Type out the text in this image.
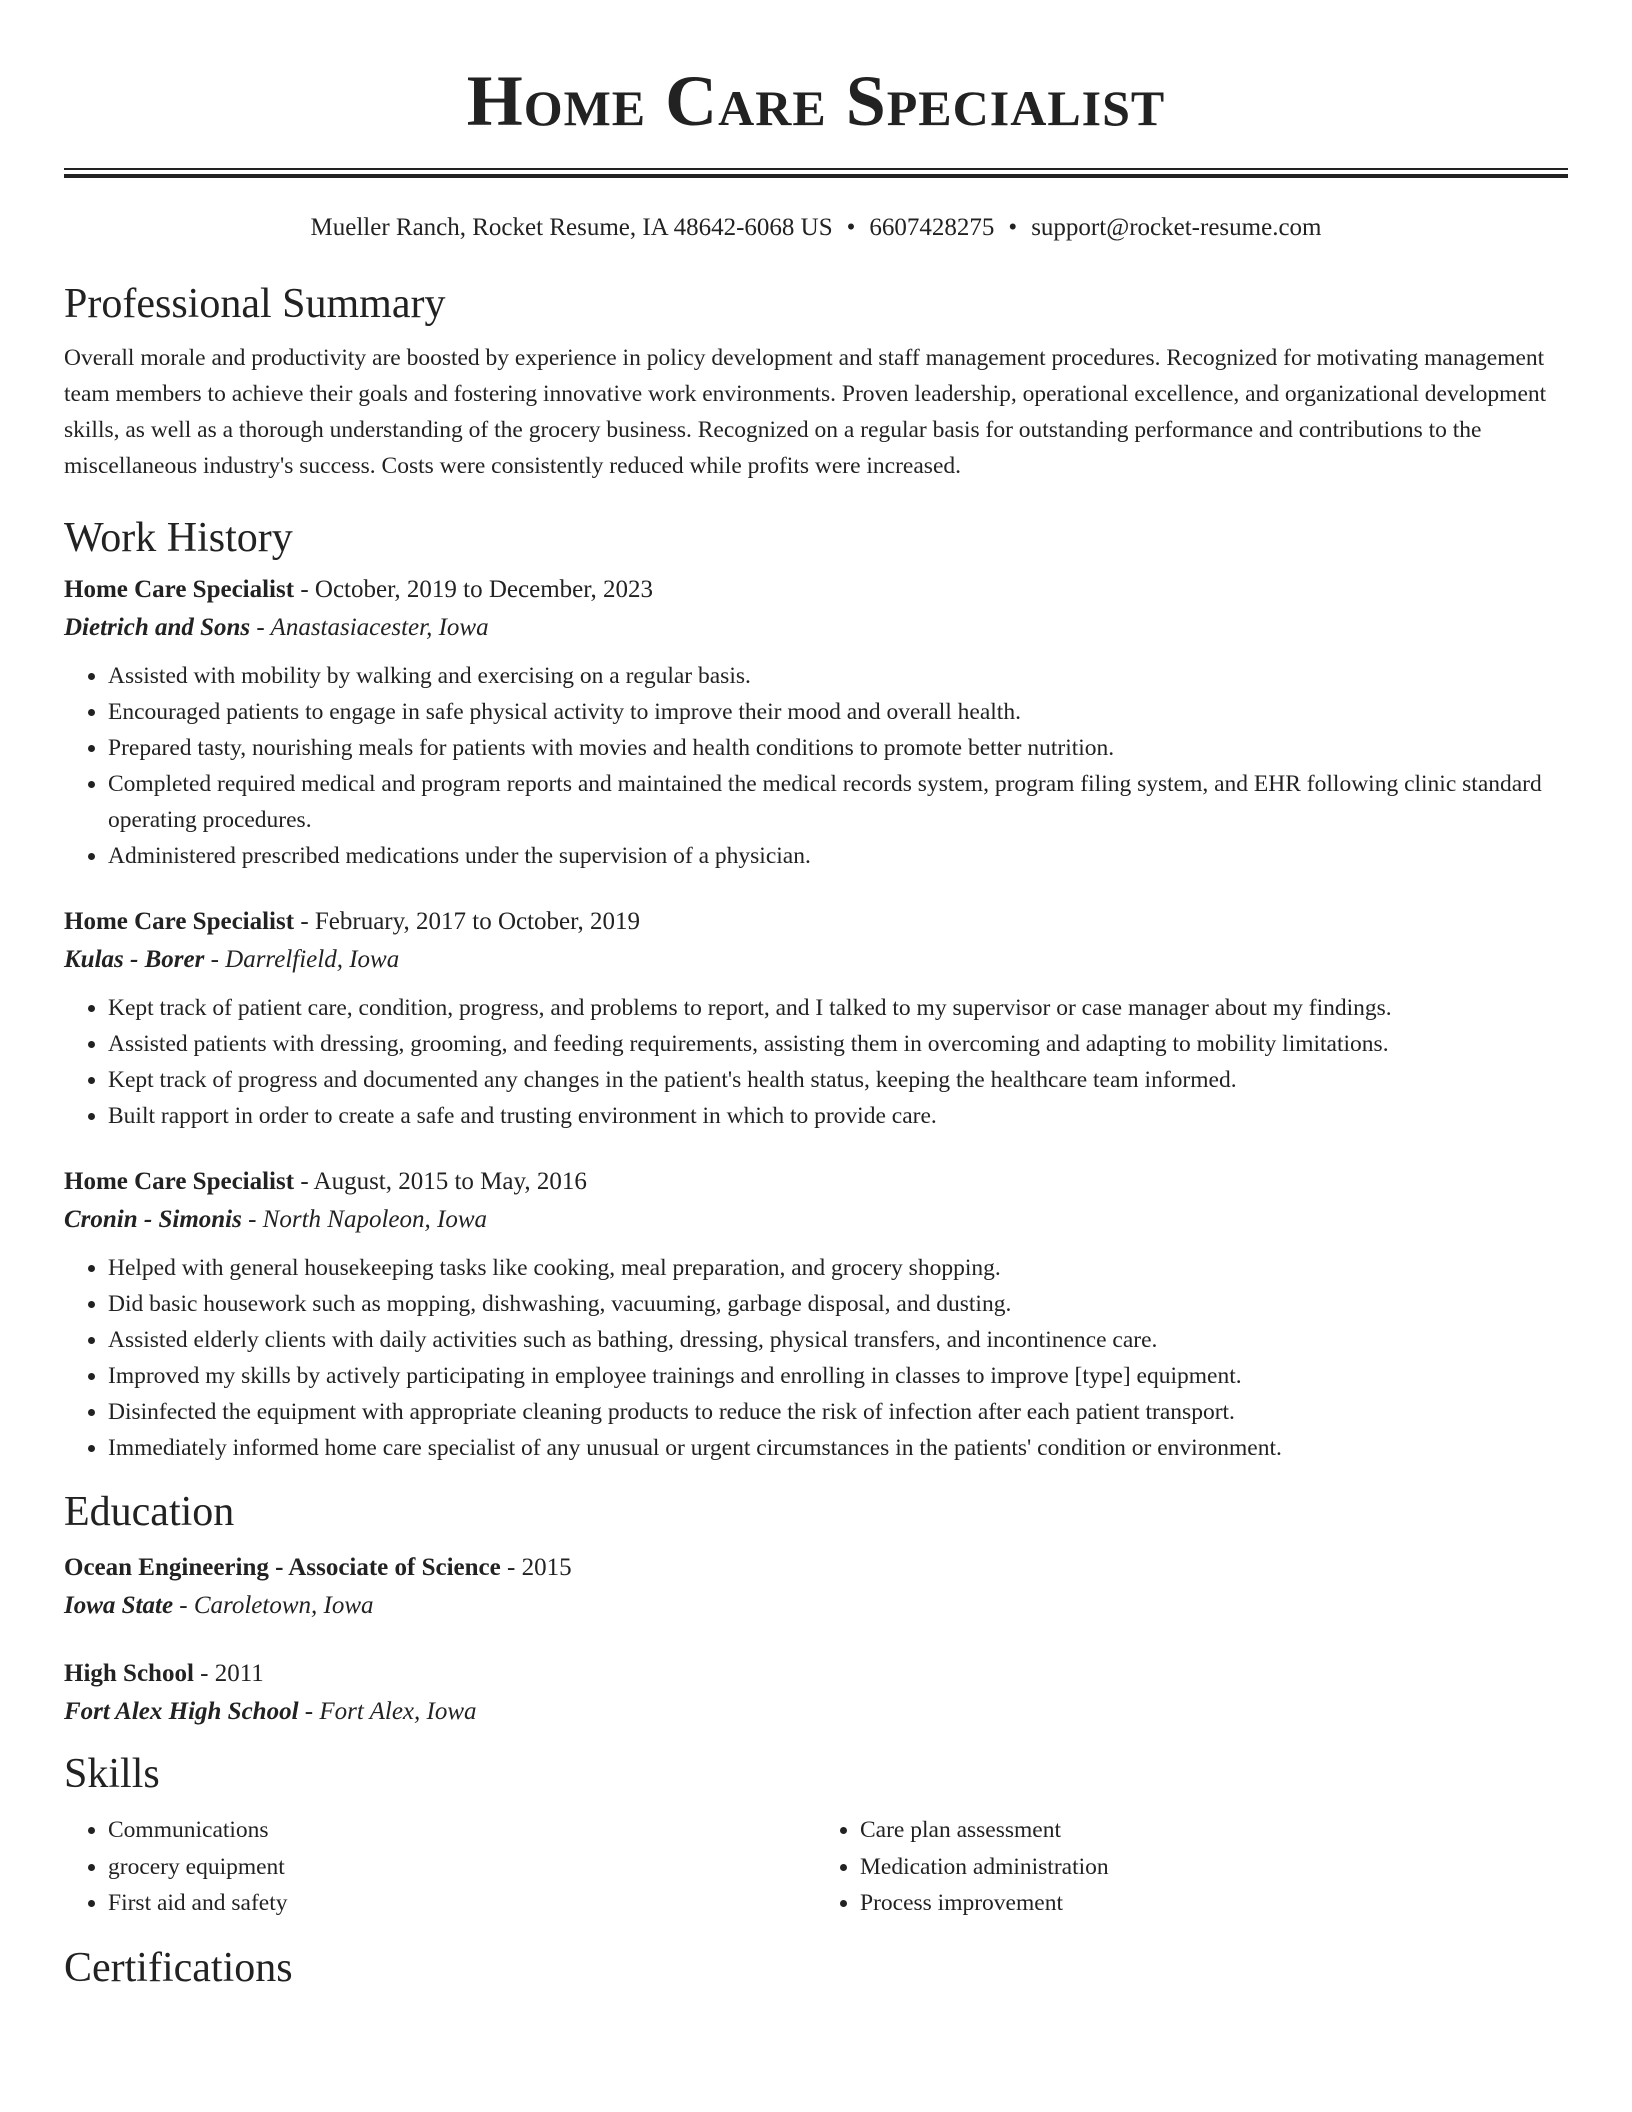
Home Care Specialist
Mueller Ranch, Rocket Resume, IA 48642-6068 US • 6607428275 • support@rocket-resume.com
Professional Summary

Overall morale and productivity are boosted by experience in policy development and staff management procedures. Recognized for motivating management team members to achieve their goals and fostering innovative work environments. Proven leadership, operational excellence, and organizational development skills, as well as a thorough understanding of the grocery business. Recognized on a regular basis for outstanding performance and contributions to the miscellaneous industry's success. Costs were consistently reduced while profits were increased.

Work History
Home Care Specialist - October, 2019 to December, 2023
Dietrich and Sons - Anastasiacester, Iowa
• Assisted with mobility by walking and exercising on a regular basis.
• Encouraged patients to engage in safe physical activity to improve their mood and overall health.
• Prepared tasty, nourishing meals for patients with movies and health conditions to promote better nutrition.
• Completed required medical and program reports and maintained the medical records system, program filing system, and EHR following clinic standard operating procedures.
• Administered prescribed medications under the supervision of a physician.
Home Care Specialist - February, 2017 to October, 2019
Kulas - Borer - Darrelfield, Iowa
• Kept track of patient care, condition, progress, and problems to report, and I talked to my supervisor or case manager about my findings.
• Assisted patients with dressing, grooming, and feeding requirements, assisting them in overcoming and adapting to mobility limitations.
• Kept track of progress and documented any changes in the patient's health status, keeping the healthcare team informed.
• Built rapport in order to create a safe and trusting environment in which to provide care.
Home Care Specialist - August, 2015 to May, 2016
Cronin - Simonis - North Napoleon, Iowa
• Helped with general housekeeping tasks like cooking, meal preparation, and grocery shopping.
• Did basic housework such as mopping, dishwashing, vacuuming, garbage disposal, and dusting.
• Assisted elderly clients with daily activities such as bathing, dressing, physical transfers, and incontinence care.
• Improved my skills by actively participating in employee trainings and enrolling in classes to improve [type] equipment.
• Disinfected the equipment with appropriate cleaning products to reduce the risk of infection after each patient transport.
• Immediately informed home care specialist of any unusual or urgent circumstances in the patients' condition or environment.
Education
Ocean Engineering - Associate of Science - 2015
Iowa State - Caroletown, Iowa
High School - 2011
Fort Alex High School - Fort Alex, Iowa
Skills
• Communications
• grocery equipment
• First aid and safety
• Care plan assessment
• Medication administration
• Process improvement
Certifications
